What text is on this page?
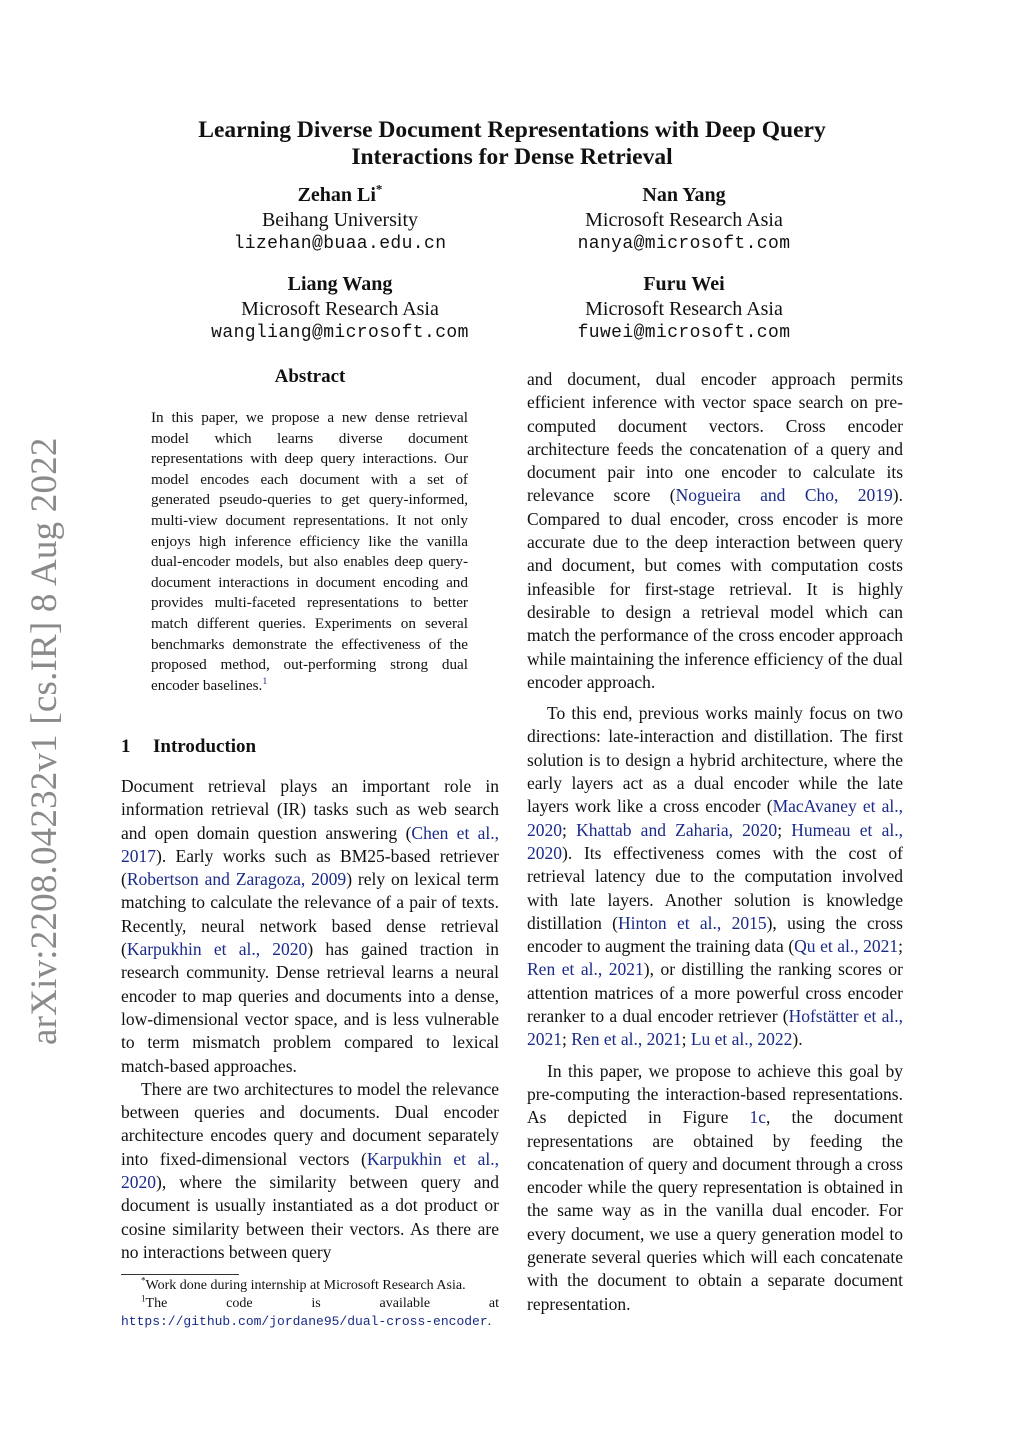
arXiv:2208.04232v1 [cs.IR] 8 Aug 2022
Learning Diverse Document Representations with Deep Query
Interactions for Dense Retrieval
Zehan Li*
Beihang University
lizehan@buaa.edu.cn
Nan Yang
Microsoft Research Asia
nanya@microsoft.com
Liang Wang
Microsoft Research Asia
wangliang@microsoft.com
Furu Wei
Microsoft Research Asia
fuwei@microsoft.com
Abstract
In this paper, we propose a new dense retrieval model which learns diverse document representations with deep query interactions. Our model encodes each document with a set of generated pseudo-queries to get query-informed, multi-view document representations. It not only enjoys high inference efficiency like the vanilla dual-encoder models, but also enables deep query-document interactions in document encoding and provides multi-faceted representations to better match different queries. Experiments on several benchmarks demonstrate the effectiveness of the proposed method, out-performing strong dual encoder baselines.$^1$
1 Introduction

Document retrieval plays an important role in information retrieval (IR) tasks such as web search and open domain question answering (Chen et al., 2017). Early works such as BM25-based retriever (Robertson and Zaragoza, 2009) rely on lexical term matching to calculate the relevance of a pair of texts. Recently, neural network based dense retrieval (Karpukhin et al., 2020) has gained traction in research community. Dense retrieval learns a neural encoder to map queries and documents into a dense, low-dimensional vector space, and is less vulnerable to term mismatch problem compared to lexical match-based approaches.

There are two architectures to model the relevance between queries and documents. Dual encoder architecture encodes query and document separately into fixed-dimensional vectors (Karpukhin et al., 2020), where the similarity between query and document is usually instantiated as a dot product or cosine similarity between their vectors. As there are no interactions between query

*Work done during internship at Microsoft Research Asia.
$^1$The code is available at https://github.com/jordane95/dual-cross-encoder.

and document, dual encoder approach permits efficient inference with vector space search on pre-computed document vectors. Cross encoder architecture feeds the concatenation of a query and document pair into one encoder to calculate its relevance score (Nogueira and Cho, 2019). Compared to dual encoder, cross encoder is more accurate due to the deep interaction between query and document, but comes with computation costs infeasible for first-stage retrieval. It is highly desirable to design a retrieval model which can match the performance of the cross encoder approach while maintaining the inference efficiency of the dual encoder approach.

To this end, previous works mainly focus on two directions: late-interaction and distillation. The first solution is to design a hybrid architecture, where the early layers act as a dual encoder while the late layers work like a cross encoder (MacAvaney et al., 2020; Khattab and Zaharia, 2020; Humeau et al., 2020). Its effectiveness comes with the cost of retrieval latency due to the computation involved with late layers. Another solution is knowledge distillation (Hinton et al., 2015), using the cross encoder to augment the training data (Qu et al., 2021; Ren et al., 2021), or distilling the ranking scores or attention matrices of a more powerful cross encoder reranker to a dual encoder retriever (Hofstätter et al., 2021; Ren et al., 2021; Lu et al., 2022).

In this paper, we propose to achieve this goal by pre-computing the interaction-based representations. As depicted in Figure 1c, the document representations are obtained by feeding the concatenation of query and document through a cross encoder while the query representation is obtained in the same way as in the vanilla dual encoder. For every document, we use a query generation model to generate several queries which will each concatenate with the document to obtain a separate document representation.
